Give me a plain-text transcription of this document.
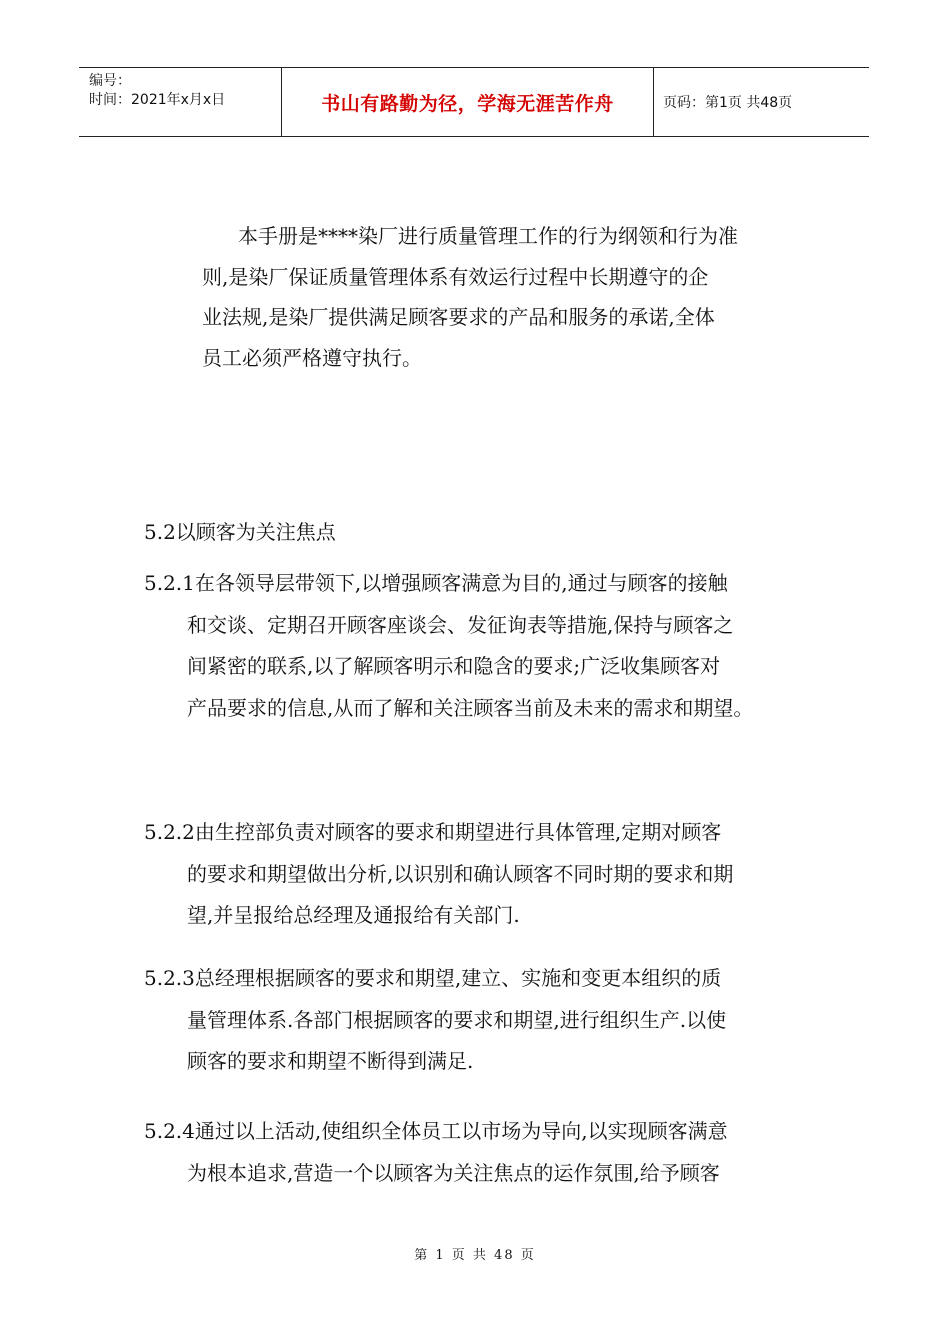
编号：
时间：2021年x月x日	书山有路勤为径，学海无涯苦作舟	页码：第1页 共48页
本手册是****染厂进行质量管理工作的行为纲领和行为准
则,是染厂保证质量管理体系有效运行过程中长期遵守的企
业法规,是染厂提供满足顾客要求的产品和服务的承诺,全体
员工必须严格遵守执行。
5.2以顾客为关注焦点
5.2.1在各领导层带领下,以增强顾客满意为目的,通过与顾客的接触
和交谈、定期召开顾客座谈会、发征询表等措施,保持与顾客之
间紧密的联系,以了解顾客明示和隐含的要求;广泛收集顾客对
产品要求的信息,从而了解和关注顾客当前及未来的需求和期望。
5.2.2由生控部负责对顾客的要求和期望进行具体管理,定期对顾客
的要求和期望做出分析,以识别和确认顾客不同时期的要求和期
望,并呈报给总经理及通报给有关部门.
5.2.3总经理根据顾客的要求和期望,建立、实施和变更本组织的质
量管理体系.各部门根据顾客的要求和期望,进行组织生产.以使
顾客的要求和期望不断得到满足.
5.2.4通过以上活动,使组织全体员工以市场为导向,以实现顾客满意
为根本追求,营造一个以顾客为关注焦点的运作氛围,给予顾客
第 1 页 共 48 页
